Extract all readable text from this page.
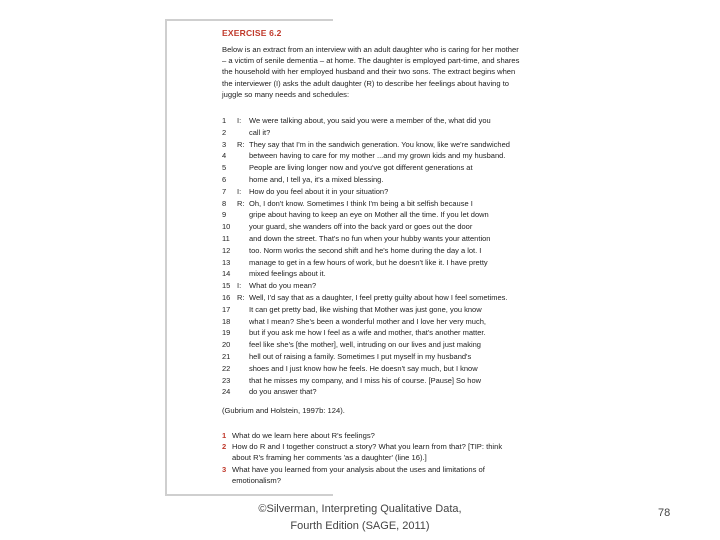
EXERCISE 6.2
Below is an extract from an interview with an adult daughter who is caring for her mother – a victim of senile dementia – at home. The daughter is employed part-time, and shares the household with her employed husband and their two sons. The extract begins when the interviewer (I) asks the adult daughter (R) to describe her feelings about having to juggle so many needs and schedules:
1	I:	We were talking about, you said you were a member of the, what did you
2	call it?
3	R: They say that I'm in the sandwich generation. You know, like we're sandwiched
4	between having to care for my mother ...and my grown kids and my husband.
5	People are living longer now and you've got different generations at
6	home and, I tell ya, it's a mixed blessing.
7	I:	How do you feel about it in your situation?
8	R: Oh, I don't know. Sometimes I think I'm being a bit selfish because I
9	gripe about having to keep an eye on Mother all the time. If you let down
10	your guard, she wanders off into the back yard or goes out the door
11	and down the street. That's no fun when your hubby wants your attention
12	too. Norm works the second shift and he's home during the day a lot. I
13	manage to get in a few hours of work, but he doesn't like it. I have pretty
14	mixed feelings about it.
15 I:	What do you mean?
16 R: Well, I'd say that as a daughter, I feel pretty guilty about how I feel sometimes.
17	It can get pretty bad, like wishing that Mother was just gone, you know
18	what I mean? She's been a wonderful mother and I love her very much,
19	but if you ask me how I feel as a wife and mother, that's another matter.
20	feel like she's [the mother], well, intruding on our lives and just making
21	hell out of raising a family. Sometimes I put myself in my husband's
22	shoes and I just know how he feels. He doesn't say much, but I know
23	that he misses my company, and I miss his of course. [Pause] So how
24	do you answer that?
(Gubrium and Holstein, 1997b: 124).
1 What do we learn here about R's feelings?
2 How do R and I together construct a story? What you learn from that? [TIP: think about R's framing her comments 'as a daughter' (line 16).]
3 What have you learned from your analysis about the uses and limitations of emotionalism?
©Silverman, Interpreting Qualitative Data,
Fourth Edition (SAGE, 2011)
78
